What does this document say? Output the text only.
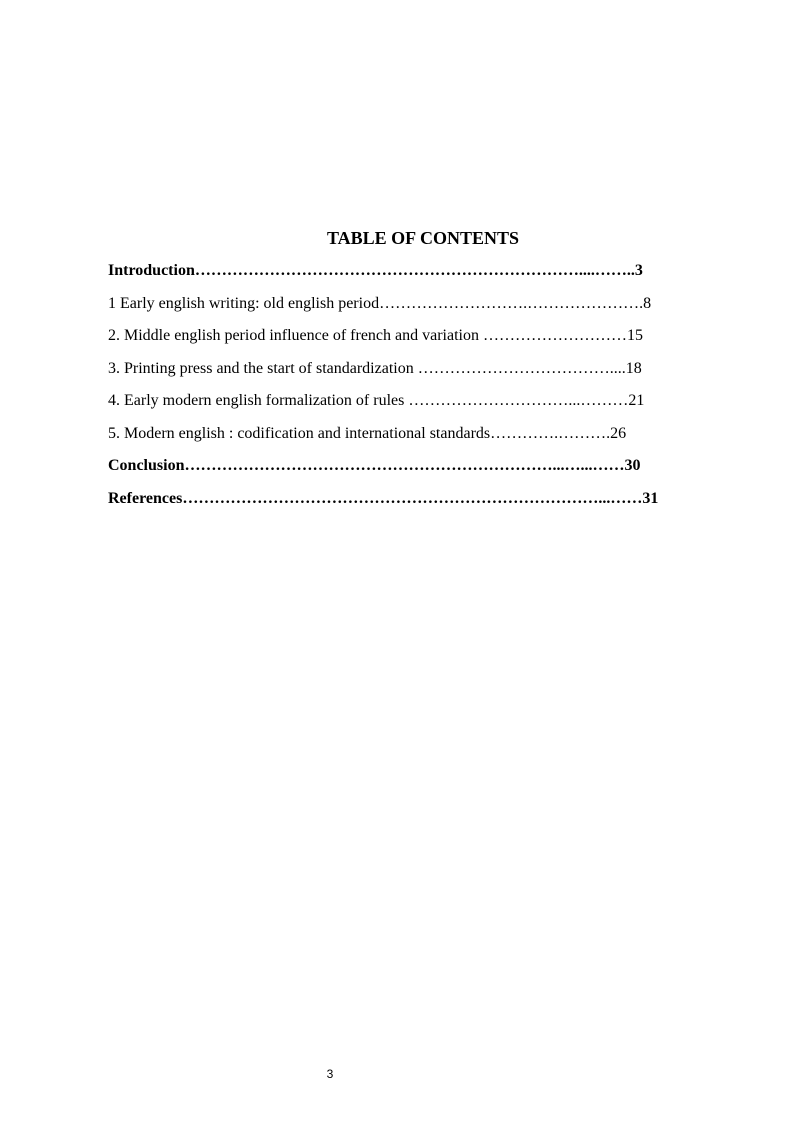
TABLE OF CONTENTS
Introduction………………………………………………………………....……..3
1 Early english writing: old english period……………………….………………….8
2. Middle english period influence of french and variation ………………………15
3. Printing press and the start of standardization ………………………………....18
4. Early modern english formalization of rules …………………………...………21
5. Modern english : codification and international standards………….……….26
Conclusion……………………………………………………………...…...……30
References……………………………………………………………………...……31
3
